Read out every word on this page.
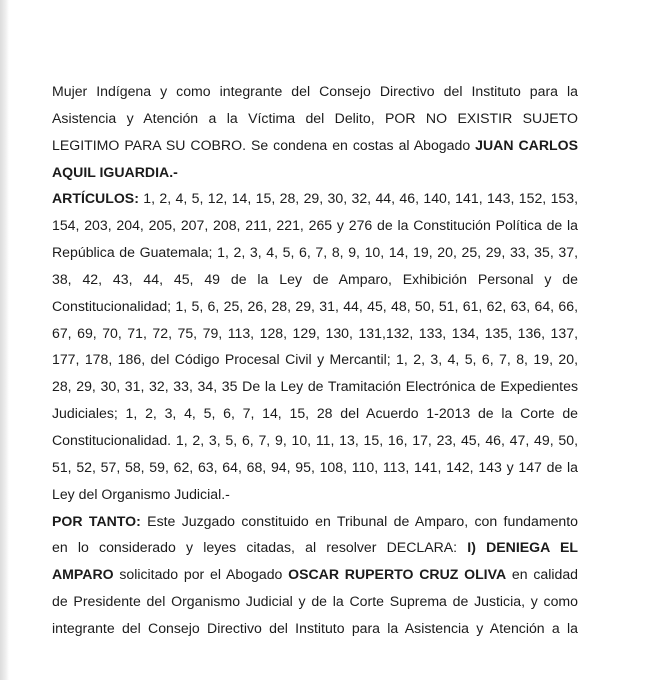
Mujer Indígena y como integrante del Consejo Directivo del Instituto para la
Asistencia y Atención a la Víctima del Delito, POR NO EXISTIR SUJETO
LEGITIMO PARA SU COBRO. Se condena en costas al Abogado JUAN CARLOS
AQUIL IGUARDIA.-
ARTÍCULOS: 1, 2, 4, 5, 12, 14, 15, 28, 29, 30, 32, 44, 46, 140, 141, 143, 152, 153,
154, 203, 204, 205, 207, 208, 211, 221, 265 y 276 de la Constitución Política de la
República de Guatemala; 1, 2, 3, 4, 5, 6, 7, 8, 9, 10, 14, 19, 20, 25, 29, 33, 35, 37,
38, 42, 43, 44, 45, 49 de la Ley de Amparo, Exhibición Personal y de
Constitucionalidad; 1, 5, 6, 25, 26, 28, 29, 31, 44, 45, 48, 50, 51, 61, 62, 63, 64, 66,
67, 69, 70, 71, 72, 75, 79, 113, 128, 129, 130, 131,132, 133, 134, 135, 136, 137,
177, 178, 186, del Código Procesal Civil y Mercantil; 1, 2, 3, 4, 5, 6, 7, 8, 19, 20,
28, 29, 30, 31, 32, 33, 34, 35 De la Ley de Tramitación Electrónica de Expedientes
Judiciales; 1, 2, 3, 4, 5, 6, 7, 14, 15, 28 del Acuerdo 1-2013 de la Corte de
Constitucionalidad. 1, 2, 3, 5, 6, 7, 9, 10, 11, 13, 15, 16, 17, 23, 45, 46, 47, 49, 50,
51, 52, 57, 58, 59, 62, 63, 64, 68, 94, 95, 108, 110, 113, 141, 142, 143 y 147 de la
Ley del Organismo Judicial.-
POR TANTO: Este Juzgado constituido en Tribunal de Amparo, con fundamento
en lo considerado y leyes citadas, al resolver DECLARA: I) DENIEGA EL
AMPARO solicitado por el Abogado OSCAR RUPERTO CRUZ OLIVA en calidad
de Presidente del Organismo Judicial y de la Corte Suprema de Justicia, y como
integrante del Consejo Directivo del Instituto para la Asistencia y Atención a la
